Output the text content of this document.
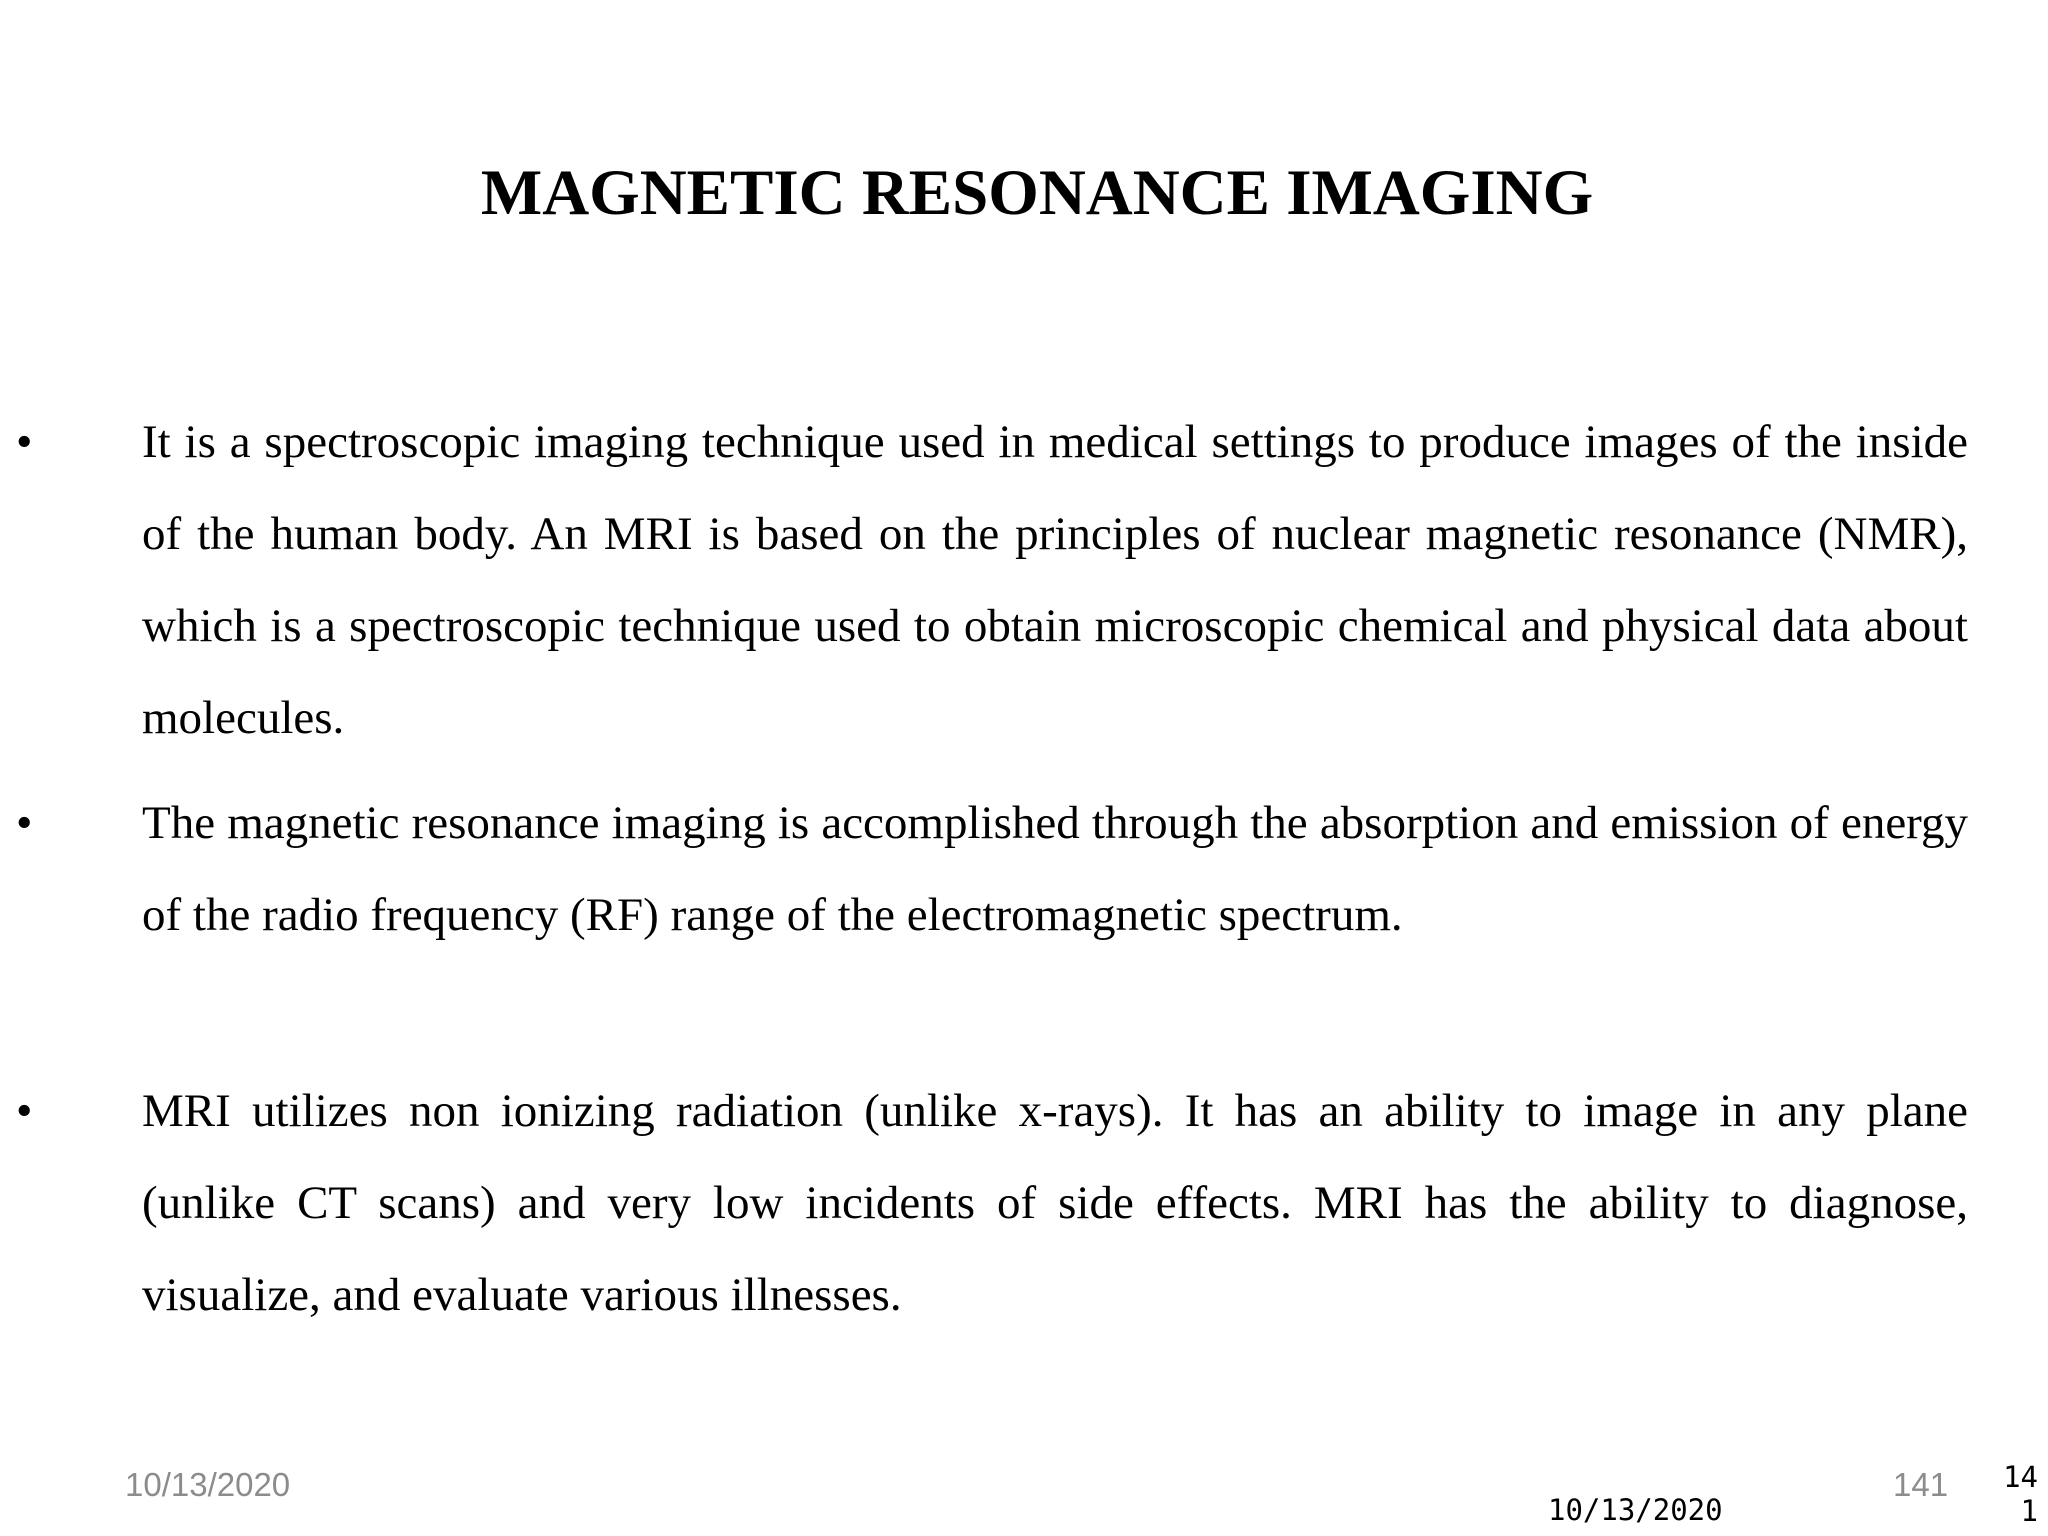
MAGNETIC RESONANCE IMAGING
• It is a spectroscopic imaging technique used in medical settings to produce images of the inside of the human body. An MRI is based on the principles of nuclear magnetic resonance (NMR), which is a spectroscopic technique used to obtain microscopic chemical and physical data about molecules.

• The magnetic resonance imaging is accomplished through the absorption and emission of energy of the radio frequency (RF) range of the electromagnetic spectrum.

• MRI utilizes non ionizing radiation (unlike x-rays). It has an ability to image in any plane (unlike CT scans) and very low incidents of side effects. MRI has the ability to diagnose, visualize, and evaluate various illnesses.

10/13/2020	141
10/13/2020
141
